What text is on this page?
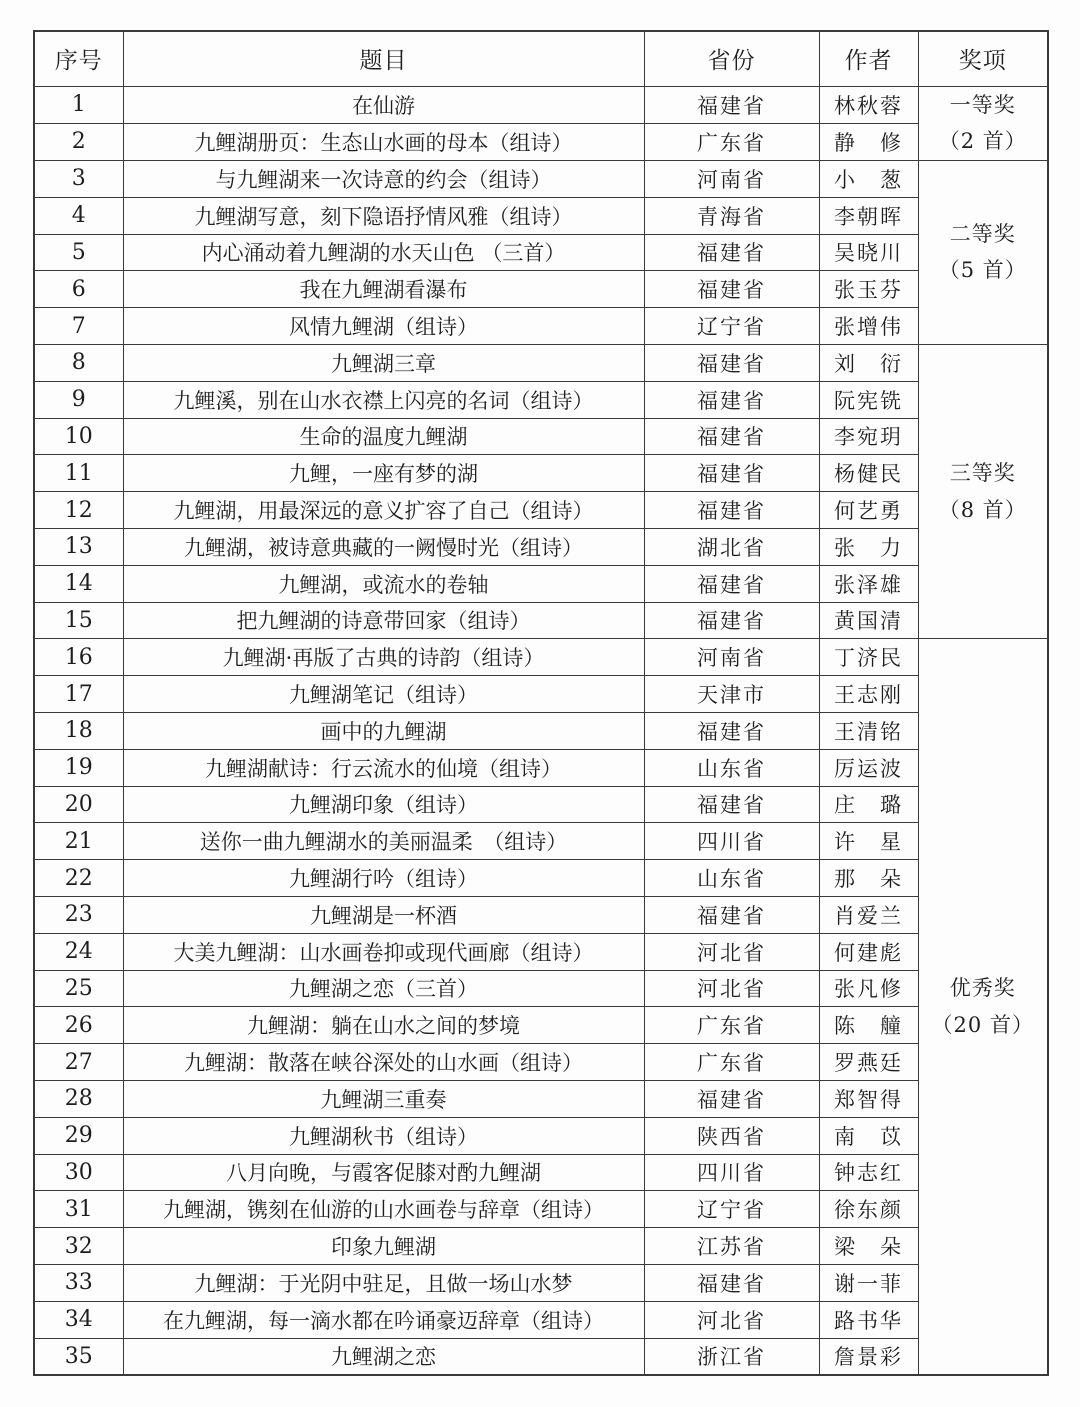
序号	题目	省份	作者	奖项
1	在仙游	福建省	林秋蓉	一等奖
（2 首）

2	九鲤湖册页：生态山水画的母本（组诗）	广东省	静　修	
3	与九鲤湖来一次诗意的约会（组诗）	河南省	小　葱	二等奖
（5 首）

4	九鲤湖写意，刻下隐语抒情风雅（组诗）	青海省	李朝晖	
5	内心涌动着九鲤湖的水天山色 （三首）	福建省	吴晓川	
6	我在九鲤湖看瀑布	福建省	张玉芬	
7	风情九鲤湖（组诗）	辽宁省	张增伟	
8	九鲤湖三章	福建省	刘　衍	三等奖
（8 首）

9	九鲤溪，别在山水衣襟上闪亮的名词（组诗）	福建省	阮宪铣	
10	生命的温度九鲤湖	福建省	李宛玥	
11	九鲤，一座有梦的湖	福建省	杨健民	
12	九鲤湖，用最深远的意义扩容了自己（组诗）	福建省	何艺勇	
13	九鲤湖，被诗意典藏的一阙慢时光（组诗）	湖北省	张　力	
14	九鲤湖，或流水的卷轴	福建省	张泽雄	
15	把九鲤湖的诗意带回家（组诗）	福建省	黄国清	
16	九鲤湖·再版了古典的诗韵（组诗）	河南省	丁济民	优秀奖
（20 首）

17	九鲤湖笔记（组诗）	天津市	王志刚	
18	画中的九鲤湖	福建省	王清铭	
19	九鲤湖献诗：行云流水的仙境（组诗）	山东省	厉运波	
20	九鲤湖印象（组诗）	福建省	庄　璐	
21	送你一曲九鲤湖水的美丽温柔　（组诗）	四川省	许　星	
22	九鲤湖行吟（组诗）	山东省	那　朵	
23	九鲤湖是一杯酒	福建省	肖爱兰	
24	大美九鲤湖：山水画卷抑或现代画廊（组诗）	河北省	何建彪	
25	九鲤湖之恋（三首）	河北省	张凡修	
26	九鲤湖：躺在山水之间的梦境	广东省	陈　艟	
27	九鲤湖：散落在峡谷深处的山水画（组诗）	广东省	罗燕廷	
28	九鲤湖三重奏	福建省	郑智得	
29	九鲤湖秋书（组诗）	陕西省	南　苡	
30	八月向晚，与霞客促膝对酌九鲤湖	四川省	钟志红	
31	九鲤湖，镌刻在仙游的山水画卷与辞章（组诗）	辽宁省	徐东颜	
32	印象九鲤湖	江苏省	梁　朵	
33	九鲤湖：于光阴中驻足，且做一场山水梦	福建省	谢一菲	
34	在九鲤湖，每一滴水都在吟诵豪迈辞章（组诗）	河北省	路书华	
35	九鲤湖之恋	浙江省	詹景彩	
